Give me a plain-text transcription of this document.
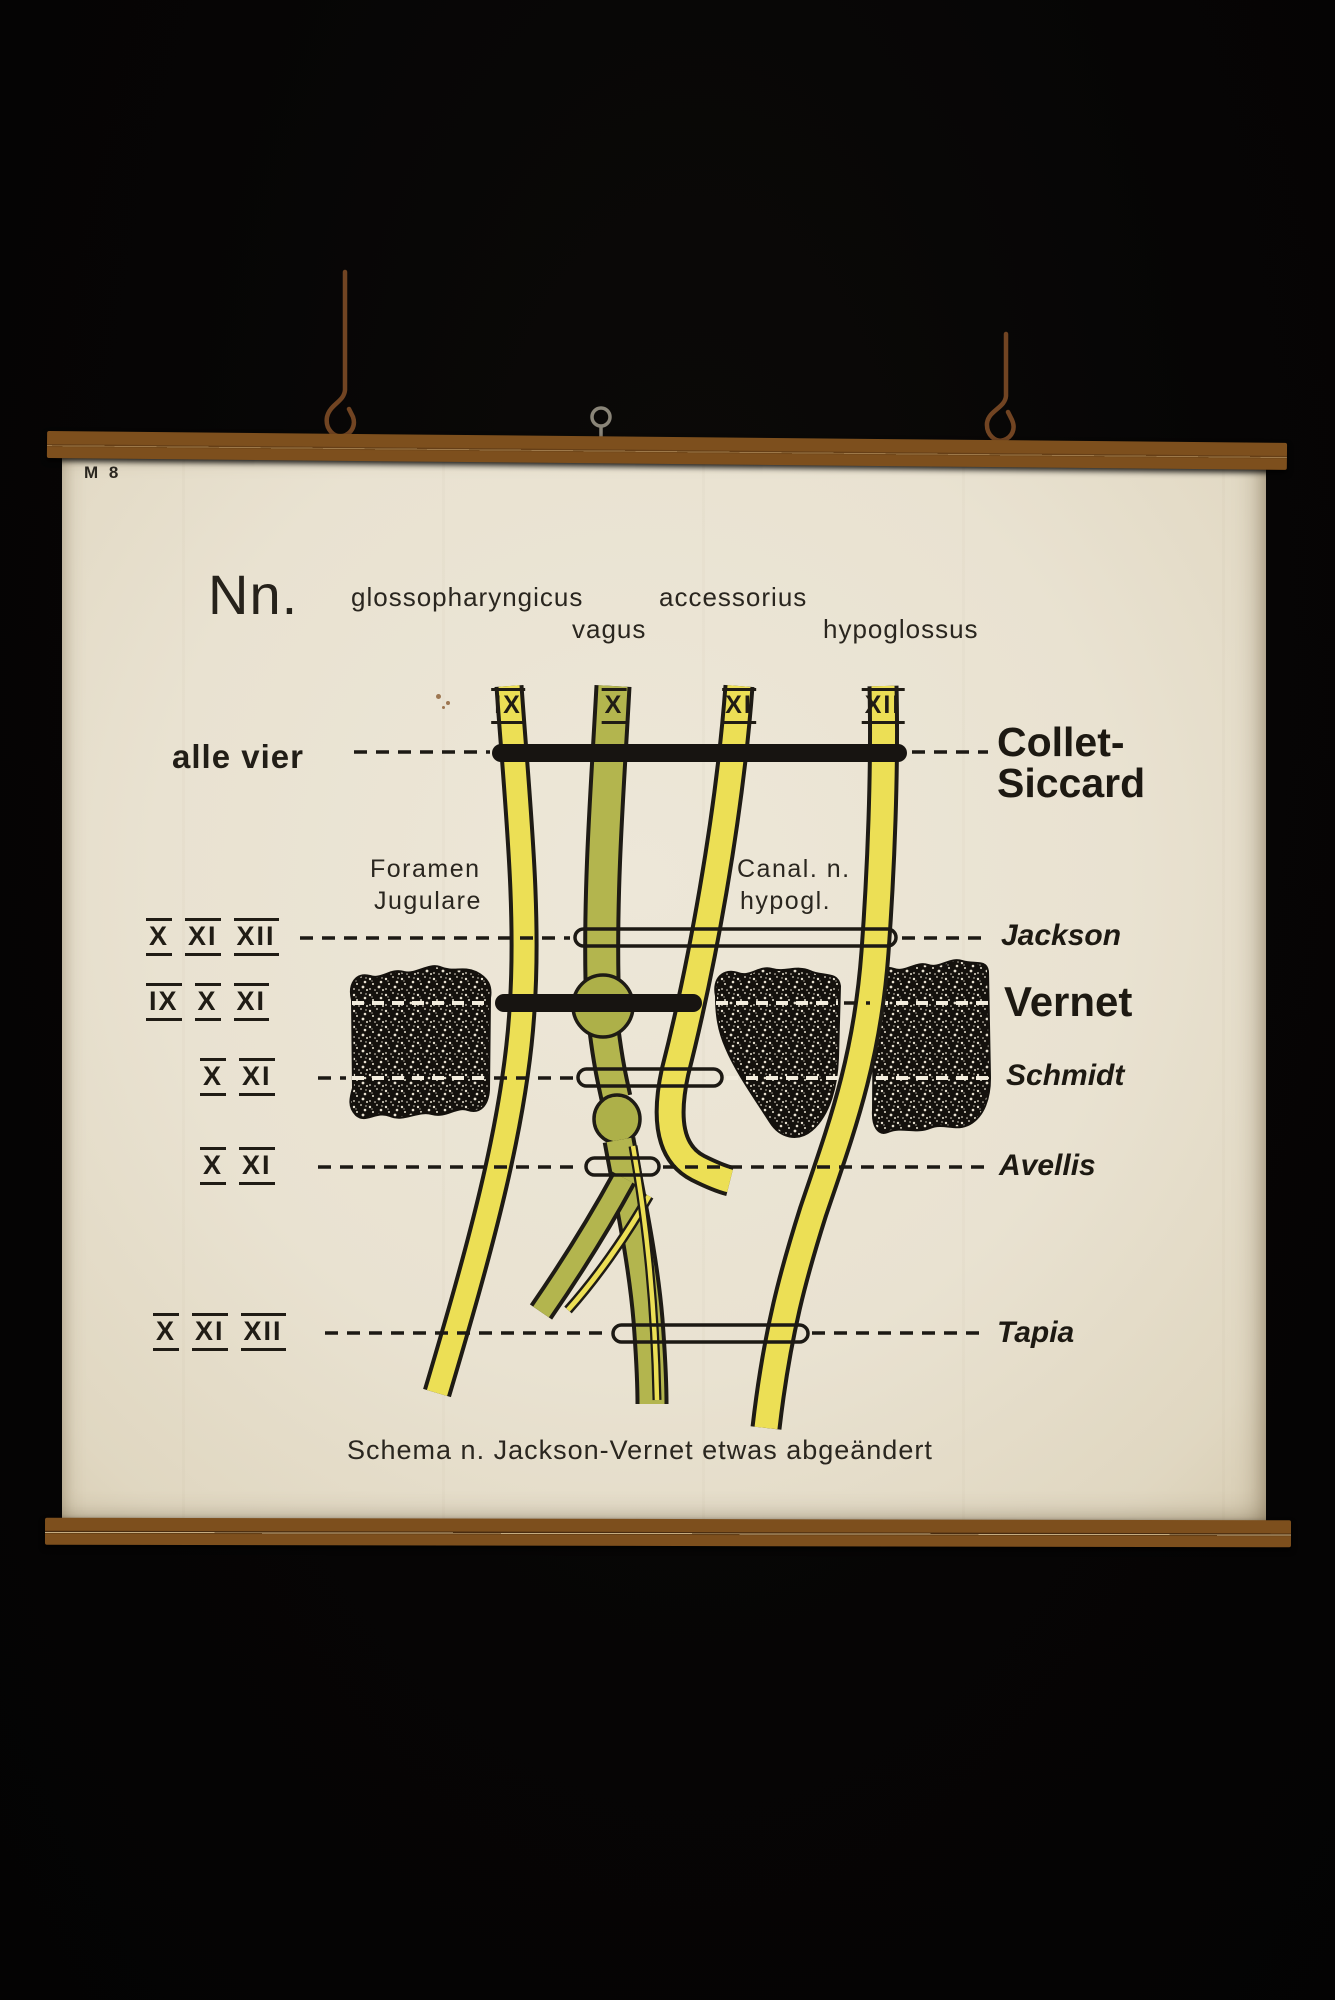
M 8
Nn. glossopharyngicus	accessorius
vagus	hypoglossus
IX	X	XI	XII
alle vier	Collet-
Siccard
Foramen
Jugulare
Canal. n.
hypogl.
X XI XII	Jackson
IX X XI	Vernet
X XI	Schmidt
X XI	Avellis
X XI XII	Tapia
Schema n. Jackson-Vernet etwas abgeändert
